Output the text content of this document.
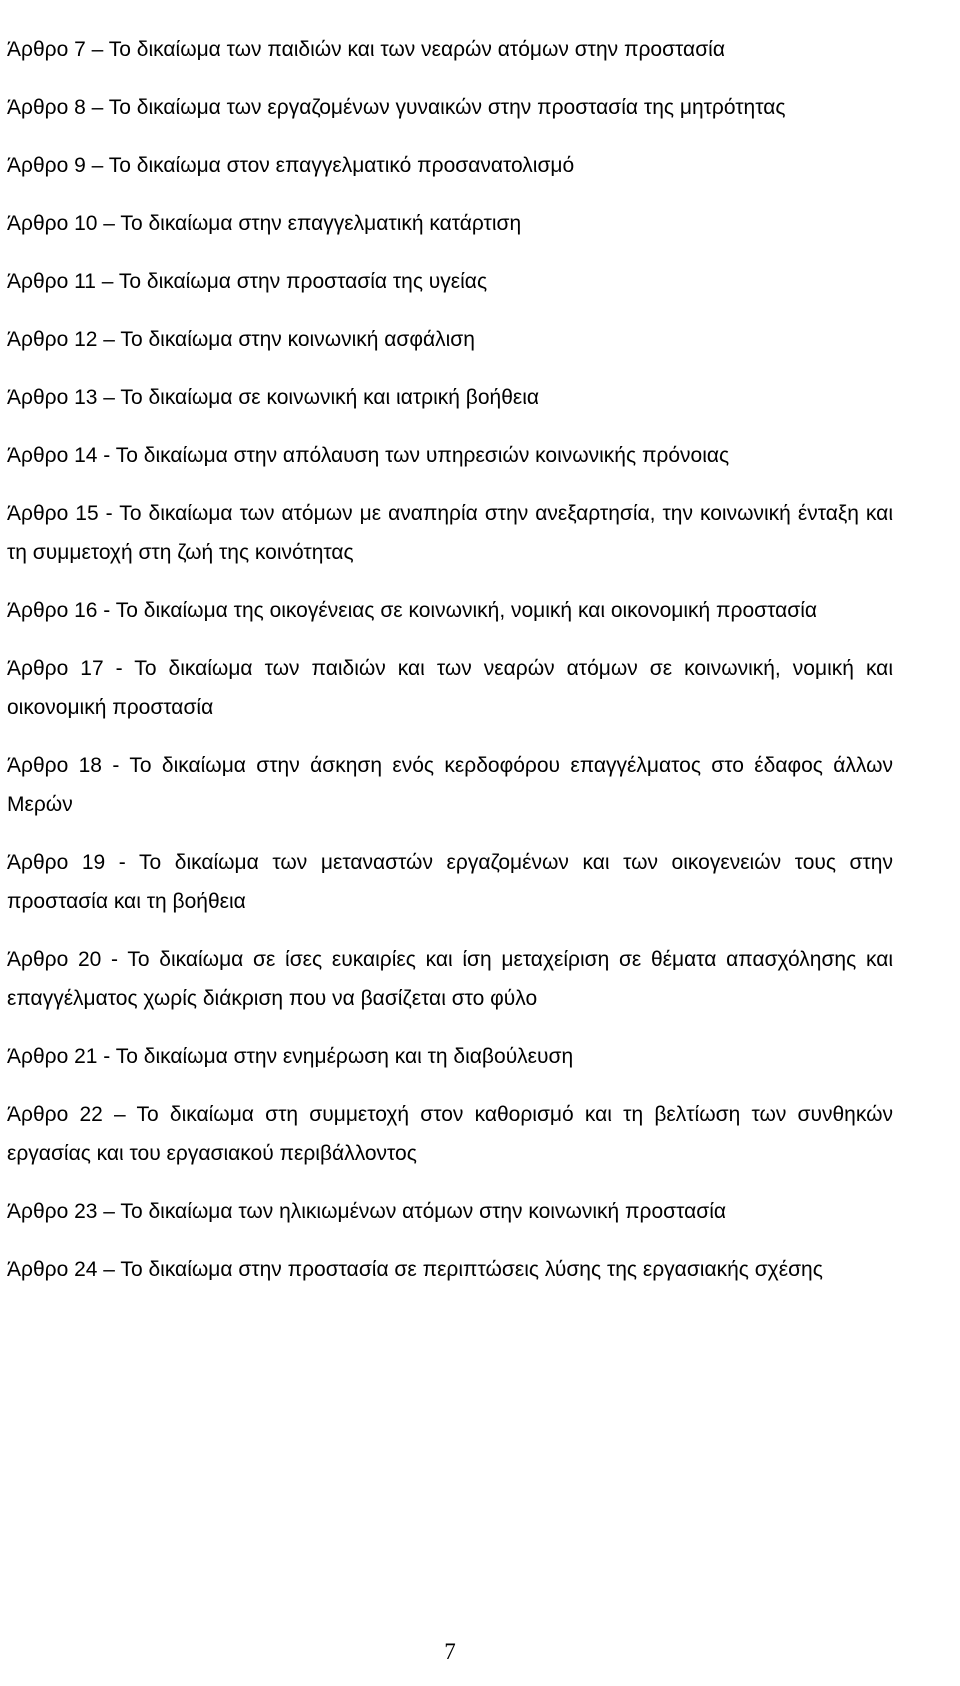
Άρθρο 7 – Το δικαίωμα των παιδιών και των νεαρών ατόμων στην προστασία
Άρθρο 8 – Το δικαίωμα των εργαζομένων γυναικών στην προστασία της μητρότητας
Άρθρο 9 – Το δικαίωμα στον επαγγελματικό προσανατολισμό
Άρθρο 10 – Το δικαίωμα στην επαγγελματική κατάρτιση
Άρθρο 11 – Το δικαίωμα στην προστασία της υγείας
Άρθρο 12 – Το δικαίωμα στην κοινωνική ασφάλιση
Άρθρο 13 – Το δικαίωμα σε κοινωνική και ιατρική βοήθεια
Άρθρο 14 - Το δικαίωμα στην απόλαυση των υπηρεσιών κοινωνικής πρόνοιας
Άρθρο 15 - Το δικαίωμα των ατόμων με αναπηρία στην ανεξαρτησία, την κοινωνική ένταξη και τη συμμετοχή στη ζωή της κοινότητας
Άρθρο 16 - Το δικαίωμα της οικογένειας σε κοινωνική, νομική και οικονομική προστασία
Άρθρο 17 - Το δικαίωμα των παιδιών και των νεαρών ατόμων σε κοινωνική, νομική και οικονομική προστασία
Άρθρο 18 - Το δικαίωμα στην άσκηση ενός κερδοφόρου επαγγέλματος στο έδαφος άλλων Μερών
Άρθρο 19 - Το δικαίωμα των μεταναστών εργαζομένων και των οικογενειών τους στην προστασία και τη βοήθεια
Άρθρο 20 - Το δικαίωμα σε ίσες ευκαιρίες και ίση μεταχείριση σε θέματα απασχόλησης και επαγγέλματος χωρίς διάκριση που να βασίζεται στο φύλο
Άρθρο 21 - Το δικαίωμα στην ενημέρωση και τη διαβούλευση
Άρθρο 22 – Το δικαίωμα στη συμμετοχή στον καθορισμό και τη βελτίωση των συνθηκών εργασίας και του εργασιακού περιβάλλοντος
Άρθρο 23 – Το δικαίωμα των ηλικιωμένων ατόμων στην κοινωνική προστασία
Άρθρο 24 – Το δικαίωμα στην προστασία σε περιπτώσεις λύσης της εργασιακής σχέσης
7
